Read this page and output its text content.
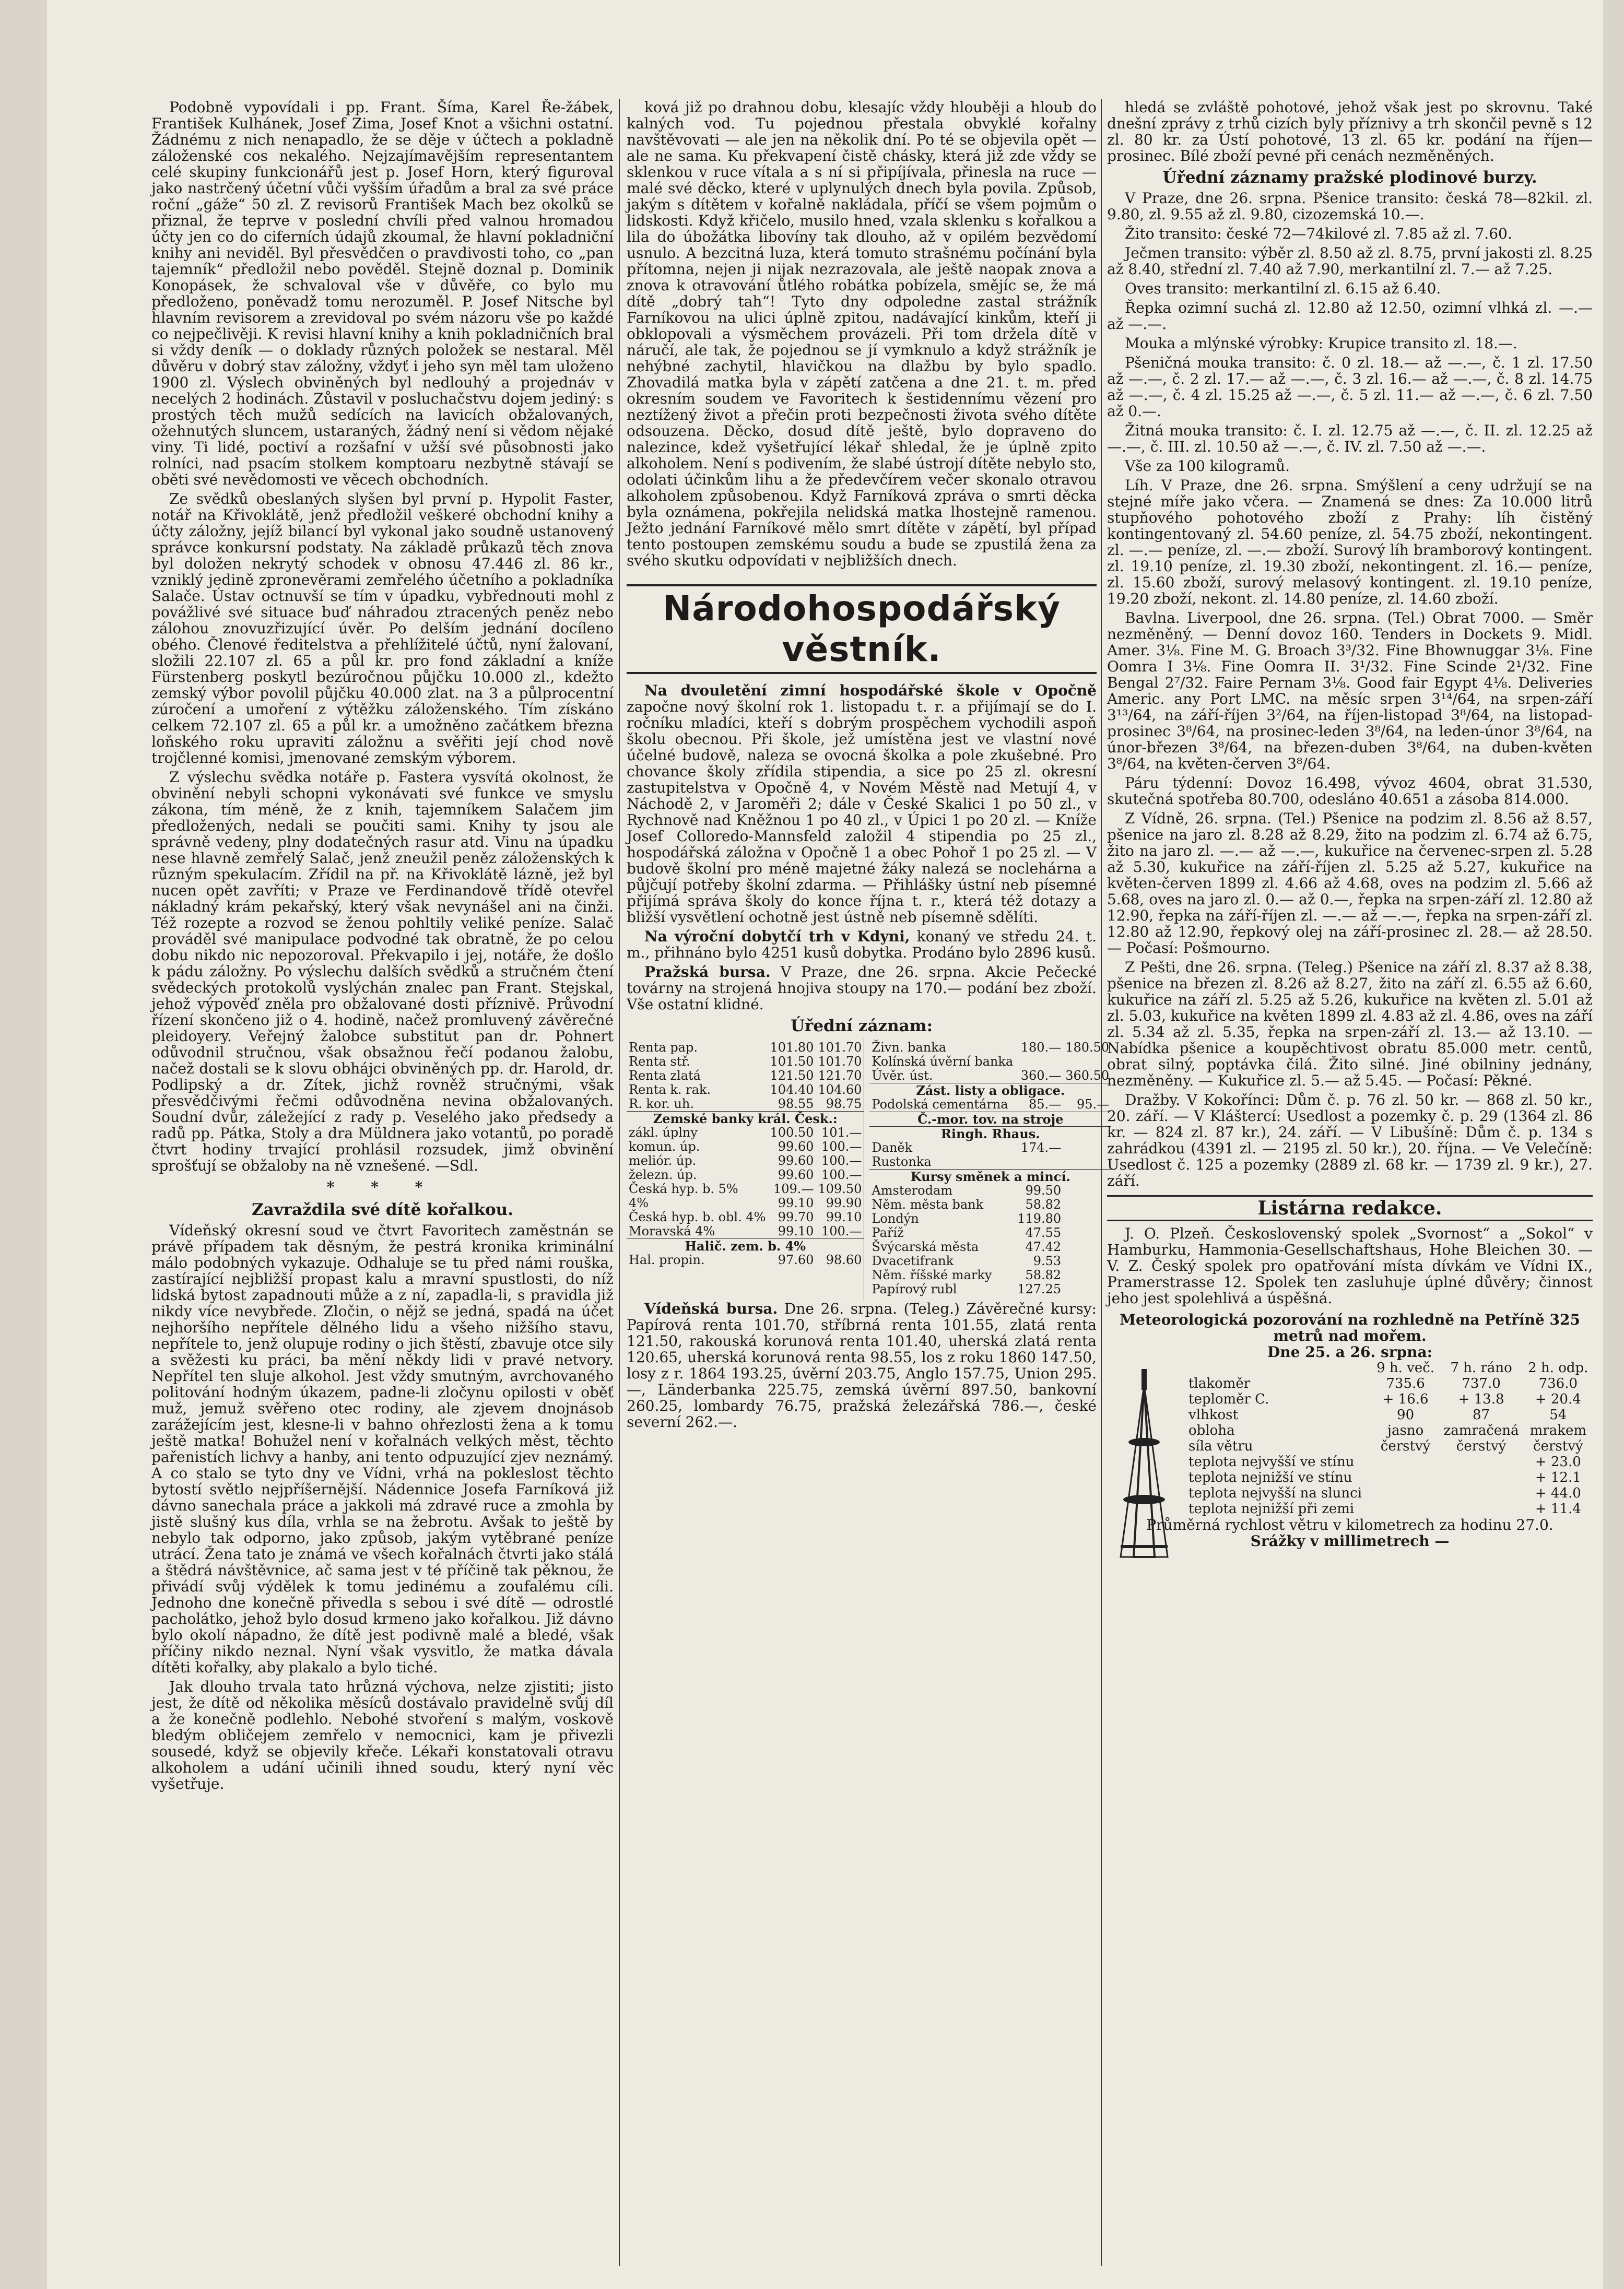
Podobně vypovídali i pp. Frant. Šíma, Karel Ře-žábek, František Kulhánek, Josef Zima, Josef Knot a všichni ostatní. Žádnému z nich nenapadlo, že se děje v účtech a pokladně záloženské cos nekalého. Nejzajímavějším representantem celé skupiny funkcionářů jest p. Josef Horn, který figuroval jako nastrčený účetní vůči vyšším úřadům a bral za své práce roční „gáže“ 50 zl. Z revisorů František Mach bez okolků se přiznal, že teprve v poslední chvíli před valnou hromadou účty jen co do ciferních údajů zkoumal, že hlavní pokladniční knihy ani neviděl. Byl přesvědčen o pravdivosti toho, co „pan tajemník“ předložil nebo pověděl. Stejně doznal p. Dominik Konopásek, že schvaloval vše v důvěře, co bylo mu předloženo, poněvadž tomu nerozuměl. P. Josef Nitsche byl hlavním revisorem a zrevidoval po svém názoru vše po každé co nejpečlivěji. K revisi hlavní knihy a knih pokladničních bral si vždy deník — o doklady různých položek se nestaral. Měl důvěru v dobrý stav záložny, vždyť i jeho syn měl tam uloženo 1900 zl. Výslech obviněných byl nedlouhý a projednáv v necelých 2 hodinách. Zůstavil v posluchačstvu dojem jediný: s prostých těch mužů sedících na lavicích obžalovaných, ožehnutých sluncem, ustaraných, žádný není si vědom nějaké viny. Ti lidé, poctiví a rozšafní v užší své působnosti jako rolníci, nad psacím stolkem komptoaru nezbytně stávají se oběti své nevědomosti ve věcech obchodních.

Ze svědků obeslaných slyšen byl první p. Hypolit Faster, notář na Křivoklátě, jenž předložil veškeré obchodní knihy a účty záložny, jejíž bilancí byl vykonal jako soudně ustanovený správce konkursní podstaty. Na základě průkazů těch znova byl doložen nekrytý schodek v obnosu 47.446 zl. 86 kr., vzniklý jedině zpronevěrami zemřelého účetního a pokladníka Salače. Ústav octnuvší se tím v úpadku, vybřednouti mohl z povážlivé své situace buď náhradou ztracených peněz nebo zálohou znovuzřizující úvěr. Po delším jednání docíleno obého. Členové ředitelstva a přehlížitelé účtů, nyní žalovaní, složili 22.107 zl. 65 a půl kr. pro fond základní a kníže Fürstenberg poskytl bezúročnou půjčku 10.000 zl., kdežto zemský výbor povolil půjčku 40.000 zlat. na 3 a půlprocentní zúročení a umoření z výtěžku záloženského. Tím získáno celkem 72.107 zl. 65 a půl kr. a umožněno začátkem března loňského roku upraviti záložnu a svěřiti její chod nově trojčlenné komisi, jmenované zemským výborem.

Z výslechu svědka notáře p. Fastera vysvítá okolnost, že obvinění nebyli schopni vykonávati své funkce ve smyslu zákona, tím méně, že z knih, tajemníkem Salačem jim předložených, nedali se poučiti sami. Knihy ty jsou ale správně vedeny, plny dodatečných rasur atd. Vinu na úpadku nese hlavně zemřelý Salač, jenž zneužil peněz záloženských k různým spekulacím. Zřídil na př. na Křivoklátě lázně, jež byl nucen opět zavříti; v Praze ve Ferdinandově třídě otevřel nákladný krám pekařský, který však nevynášel ani na činži. Též rozepte a rozvod se ženou pohltily veliké peníze. Salač prováděl své manipulace podvodné tak obratně, že po celou dobu nikdo nic nepozoroval. Překvapilo i jej, notáře, že došlo k pádu záložny. Po výslechu dalších svědků a stručném čtení svědeckých protokolů vyslýchán znalec pan Frant. Stejskal, jehož výpověď zněla pro obžalované dosti příznivě. Průvodní řízení skončeno již o 4. hodině, načež promluvený závěrečné pleidoyery. Veřejný žalobce substitut pan dr. Pohnert odůvodnil stručnou, však obsažnou řečí podanou žalobu, načež dostali se k slovu obhájci obviněných pp. dr. Harold, dr. Podlipský a dr. Zítek, jichž rovněž stručnými, však přesvědčivými řečmi odůvodněna nevina obžalovaných. Soudní dvůr, záležející z rady p. Veselého jako předsedy a radů pp. Pátka, Stoly a dra Müldnera jako votantů, po poradě čtvrt hodiny trvající prohlásil rozsudek, jimž obvinění sprošťují se obžaloby na ně vznešené. —Sdl.

* * *
Zavraždila své dítě kořalkou.

Vídeňský okresní soud ve čtvrt Favoritech zaměstnán se právě případem tak děsným, že pestrá kronika kriminální málo podobných vykazuje. Odhaluje se tu před námi rouška, zastírající nejbližší propast kalu a mravní spustlosti, do níž lidská bytost zapadnouti může a z ní, zapadla-li, s pravidla již nikdy více nevybřede. Zločin, o nějž se jedná, spadá na účet nejhoršího nepřítele dělného lidu a všeho nižšího stavu, nepřítele to, jenž olupuje rodiny o jich štěstí, zbavuje otce sily a svěžesti ku práci, ba mění někdy lidi v pravé netvory. Nepřítel ten sluje alkohol. Jest vždy smutným, avrchovaného politování hodným úkazem, padne-li zločynu opilosti v oběť muž, jemuž svěřeno otec rodiny, ale zjevem dnojnásob zarážejícím jest, klesne-li v bahno ohřezlosti žena a k tomu ještě matka! Bohužel není v kořalnách velkých měst, těchto pařenistích lichvy a hanby, ani tento odpuzující zjev neznámý. A co stalo se tyto dny ve Vídni, vrhá na pokleslost těchto bytostí světlo nejpříšernější. Nádennice Josefa Farníková již dávno sanechala práce a jakkoli má zdravé ruce a zmohla by jistě slušný kus díla, vrhla se na žebrotu. Avšak to ještě by nebylo tak odporno, jako způsob, jakým vytěbrané peníze utrácí. Žena tato je známá ve všech kořalnách čtvrti jako stálá a štědrá návštěvnice, ač sama jest v té příčině tak pěknou, že přivádí svůj výdělek k tomu jedinému a zoufalému cíli. Jednoho dne konečně přivedla s sebou i své dítě — odrostlé pacholátko, jehož bylo dosud krmeno jako kořalkou. Již dávno bylo okolí nápadno, že dítě jest podivně malé a bledé, však příčiny nikdo neznal. Nyní však vysvitlo, že matka dávala dítěti kořalky, aby plakalo a bylo tiché.

Jak dlouho trvala tato hrůzná výchova, nelze zjistiti; jisto jest, že dítě od několika měsíců dostávalo pravidelně svůj díl a že konečně podlehlo. Nebohé stvoření s malým, voskově bledým obličejem zemřelo v nemocnici, kam je přivezli sousedé, když se objevily křeče. Lékaři konstatovali otravu alkoholem a udání učinili ihned soudu, který nyní věc vyšetřuje.

ková již po drahnou dobu, klesajíc vždy hlouběji a hloub do kalných vod. Tu pojednou přestala obvyklé kořalny navštěvovati — ale jen na několik dní. Po té se objevila opět — ale ne sama. Ku překvapení čistě chásky, která již zde vždy se sklenkou v ruce vítala a s ní si připíjívala, přinesla na ruce — malé své děcko, které v uplynulých dnech byla povila. Způsob, jakým s dítětem v kořalně nakládala, příčí se všem pojmům o lidskosti. Když křičelo, musilo hned, vzala sklenku s kořalkou a lila do úbožátka libovíny tak dlouho, až v opilém bezvědomí usnulo. A bezcitná luza, která tomuto strašnému počínání byla přítomna, nejen ji nijak nezrazovala, ale ještě naopak znova a znova k otravování ůtlého robátka pobízela, smějíc se, že má dítě „dobrý tah“! Tyto dny odpoledne zastal strážník Farníkovou na ulici úplně zpitou, nadávající kinkům, kteří ji obklopovali a výsměchem provázeli. Při tom držela dítě v náručí, ale tak, že pojednou se jí vymknulo a když strážník je nehýbné zachytil, hlavičkou na dlažbu by bylo spadlo. Zhovadilá matka byla v zápětí zatčena a dne 21. t. m. před okresním soudem ve Favoritech k šestidennímu vězení pro neztížený život a přečin proti bezpečnosti života svého dítěte odsouzena. Děcko, dosud dítě ještě, bylo dopraveno do nalezince, kdež vyšetřující lékař shledal, že je úplně zpito alkoholem. Není s podivením, že slabé ústrojí dítěte nebylo sto, odolati účinkům lihu a že předevčírem večer skonalo otravou alkoholem způsobenou. Když Farníková zpráva o smrti děcka byla oznámena, pokřejila nelidská matka lhostejně ramenou. Ježto jednání Farníkové mělo smrt dítěte v zápětí, byl případ tento postoupen zemskému soudu a bude se zpustilá žena za svého skutku odpovídati v nejbližších dnech.

Národohospodářský věstník.

Na dvouletění zimní hospodářské škole v Opočně započne nový školní rok 1. listopadu t. r. a přijímají se do I. ročníku mladíci, kteří s dobrým prospěchem vychodili aspoň školu obecnou. Při škole, jež umístěna jest ve vlastní nové účelné budově, naleza se ovocná školka a pole zkušebné. Pro chovance školy zřídila stipendia, a sice po 25 zl. okresní zastupitelstva v Opočně 4, v Novém Městě nad Metují 4, v Náchodě 2, v Jaroměři 2; dále v České Skalici 1 po 50 zl., v Rychnově nad Kněžnou 1 po 40 zl., v Úpici 1 po 20 zl. — Kníže Josef Colloredo-Mannsfeld založil 4 stipendia po 25 zl., hospodářská záložna v Opočně 1 a obec Pohoř 1 po 25 zl. — V budově školní pro méně majetné žáky nalezá se noclehárna a půjčují potřeby školní zdarma. — Přihlášky ústní neb písemné přijímá správa školy do konce října t. r., která též dotazy a bližší vysvětlení ochotně jest ústně neb písemně sdělíti.

Na výroční dobytčí trh v Kdyni, konaný ve středu 24. t. m., přihnáno bylo 4251 kusů dobytka. Prodáno bylo 2896 kusů.

Pražská bursa. V Praze, dne 26. srpna. Akcie Pečecké továrny na strojená hnojiva stoupy na 170.— podání bez zboží. Vše ostatní klidné.

Úřední záznam:
Renta pap.	101.80	101.70
Renta stř.	101.50	101.70
Renta zlatá	121.50	121.70
Renta k. rak.	104.40	104.60
R. kor. uh.	98.55	98.75
Zemské banky král. Česk.:		
zákl. úplny	100.50	101.—
komun. úp.	99.60	100.—
meliór. úp.	99.60	100.—
železn. úp.	99.60	100.—
Česká hyp. b. 5%	109.—	109.50
4%	99.10	99.90
Česká hyp. b. obl. 4%	99.70	99.10
Moravská 4%	99.10	100.—
Halič. zem. b. 4%		
Hal. propin.	97.60	98.60
Živn. banka	180.—	180.50
Kolínská úvěrní banka		
Úvěr. úst.	360.—	360.50
Zást. listy a obligace.		
Podolská cementárna	85.—	95.—
Č.-mor. tov. na stroje		
Ringh. Rhaus.		
Daněk	174.—	
Rustonka		
Kursy směnek a mincí.		
Amsterodam	99.50	
Něm. města bank	58.82	
Londýn	119.80	
Paříž	47.55	
Švýcarská města	47.42	
Dvacetifrank	9.53	
Něm. říšské marky	58.82	
Papírový rubl	127.25	

Vídeňská bursa. Dne 26. srpna. (Teleg.) Závěrečné kursy: Papírová renta 101.70, stříbrná renta 101.55, zlatá renta 121.50, rakouská korunová renta 101.40, uherská zlatá renta 120.65, uherská korunová renta 98.55, los z roku 1860 147.50, losy z r. 1864 193.25, úvěrní 203.75, Anglo 157.75, Union 295.—, Länderbanka 225.75, zemská úvěrní 897.50, bankovní 260.25, lombardy 76.75, pražská železářská 786.—, české severní 262.—.

hledá se zvláště pohotové, jehož však jest po skrovnu. Také dnešní zprávy z trhů cizích byly příznivy a trh skončil pevně s 12 zl. 80 kr. za Ústí pohotové, 13 zl. 65 kr. podání na říjen—prosinec. Bílé zboží pevné při cenách nezměněných.

Úřední záznamy pražské plodinové burzy.

V Praze, dne 26. srpna. Pšenice transito: česká 78—82kil. zl. 9.80, zl. 9.55 až zl. 9.80, cizozemská 10.—.

Žito transito: české 72—74kilové zl. 7.85 až zl. 7.60.

Ječmen transito: výběr zl. 8.50 až zl. 8.75, první jakosti zl. 8.25 až 8.40, střední zl. 7.40 až 7.90, merkantilní zl. 7.— až 7.25.

Oves transito: merkantilní zl. 6.15 až 6.40.

Řepka ozimní suchá zl. 12.80 až 12.50, ozimní vlhká zl. —.— až —.—.

Mouka a mlýnské výrobky: Krupice transito zl. 18.—.

Pšeničná mouka transito: č. 0 zl. 18.— až —.—, č. 1 zl. 17.50 až —.—, č. 2 zl. 17.— až —.—, č. 3 zl. 16.— až —.—, č. 8 zl. 14.75 až —.—, č. 4 zl. 15.25 až —.—, č. 5 zl. 11.— až —.—, č. 6 zl. 7.50 až 0.—.

Žitná mouka transito: č. I. zl. 12.75 až —.—, č. II. zl. 12.25 až —.—, č. III. zl. 10.50 až —.—, č. IV. zl. 7.50 až —.—.

Vše za 100 kilogramů.

Líh. V Praze, dne 26. srpna. Smýšlení a ceny udržují se na stejné míře jako včera. — Znamená se dnes: Za 10.000 litrů stupňového pohotového zboží z Prahy: líh čistěný kontingentovaný zl. 54.60 peníze, zl. 54.75 zboží, nekontingent. zl. —.— peníze, zl. —.— zboží. Surový líh bramborový kontingent. zl. 19.10 peníze, zl. 19.30 zboží, nekontingent. zl. 16.— peníze, zl. 15.60 zboží, surový melasový kontingent. zl. 19.10 peníze, 19.20 zboží, nekont. zl. 14.80 peníze, zl. 14.60 zboží.

Bavlna. Liverpool, dne 26. srpna. (Tel.) Obrat 7000. — Směr nezměněný. — Denní dovoz 160. Tenders in Dockets 9. Midl. Amer. 3⅛. Fine M. G. Broach 3³/32. Fine Bhownuggar 3⅛. Fine Oomra I 3⅛. Fine Oomra II. 3¹/32. Fine Scinde 2¹/32. Fine Bengal 2⁷/32. Faire Pernam 3⅛. Good fair Egypt 4⅛. Deliveries Americ. any Port LMC. na měsíc srpen 3¹⁴/64, na srpen-září 3¹³/64, na září-říjen 3²/64, na říjen-listopad 3⁸/64, na listopad-prosinec 3⁸/64, na prosinec-leden 3⁸/64, na leden-únor 3⁸/64, na únor-březen 3⁸/64, na březen-duben 3⁸/64, na duben-květen 3⁸/64, na květen-červen 3⁸/64.

Páru týdenní: Dovoz 16.498, vývoz 4604, obrat 31.530, skutečná spotřeba 80.700, odesláno 40.651 a zásoba 814.000.

Z Vídně, 26. srpna. (Tel.) Pšenice na podzim zl. 8.56 až 8.57, pšenice na jaro zl. 8.28 až 8.29, žito na podzim zl. 6.74 až 6.75, žito na jaro zl. —.— až —.—, kukuřice na červenec-srpen zl. 5.28 až 5.30, kukuřice na září-říjen zl. 5.25 až 5.27, kukuřice na květen-červen 1899 zl. 4.66 až 4.68, oves na podzim zl. 5.66 až 5.68, oves na jaro zl. 0.— až 0.—, řepka na srpen-září zl. 12.80 až 12.90, řepka na září-říjen zl. —.— až —.—, řepka na srpen-září zl. 12.80 až 12.90, řepkový olej na září-prosinec zl. 28.— až 28.50. — Počasí: Pošmourno.

Z Pešti, dne 26. srpna. (Teleg.) Pšenice na září zl. 8.37 až 8.38, pšenice na březen zl. 8.26 až 8.27, žito na září zl. 6.55 až 6.60, kukuřice na září zl. 5.25 až 5.26, kukuřice na květen zl. 5.01 až zl. 5.03, kukuřice na květen 1899 zl. 4.83 až zl. 4.86, oves na září zl. 5.34 až zl. 5.35, řepka na srpen-září zl. 13.— až 13.10. — Nabídka pšenice a koupěchtivost obratu 85.000 metr. centů, obrat silný, poptávka čilá. Žito silné. Jiné obilniny jednány, nezměněny. — Kukuřice zl. 5.— až 5.45. — Počasí: Pěkné.

Dražby. V Kokořínci: Dům č. p. 76 zl. 50 kr. — 868 zl. 50 kr., 20. září. — V Kláštercí: Usedlost a pozemky č. p. 29 (1364 zl. 86 kr. — 824 zl. 87 kr.), 24. září. — V Libušíně: Dům č. p. 134 s zahrádkou (4391 zl. — 2195 zl. 50 kr.), 20. října. — Ve Velečíně: Usedlost č. 125 a pozemky (2889 zl. 68 kr. — 1739 zl. 9 kr.), 27. září.

Listárna redakce.

J. O. Plzeň. Československý spolek „Svornost“ a „Sokol“ v Hamburku, Hammonia-Gesellschaftshaus, Hohe Bleichen 30. — V. Z. Český spolek pro opatřování místa dívkám ve Vídni IX., Pramerstrasse 12. Spolek ten zasluhuje úplné důvěry; činnost jeho jest spolehlivá a úspěšná.

Meteorologická pozorování na rozhledně na Petříně 325 metrů nad mořem.
Dne 25. a 26. srpna:
	9 h. več.	7 h. ráno	2 h. odp.
tlakoměr	735.6	737.0	736.0
teploměr C.	+ 16.6	+ 13.8	+ 20.4
vlhkost	90	87	54
obloha	jasno	zamračená	mrakem
síla větru	čerstvý	čerstvý	čerstvý
teplota nejvyšší ve stínu			+ 23.0
teplota nejnižší ve stínu			+ 12.1
teplota nejvyšší na slunci			+ 44.0
teplota nejnižší při zemi			+ 11.4
Průměrná rychlost větru v kilometrech za hodinu 27.0.
Srážky v millimetrech —
